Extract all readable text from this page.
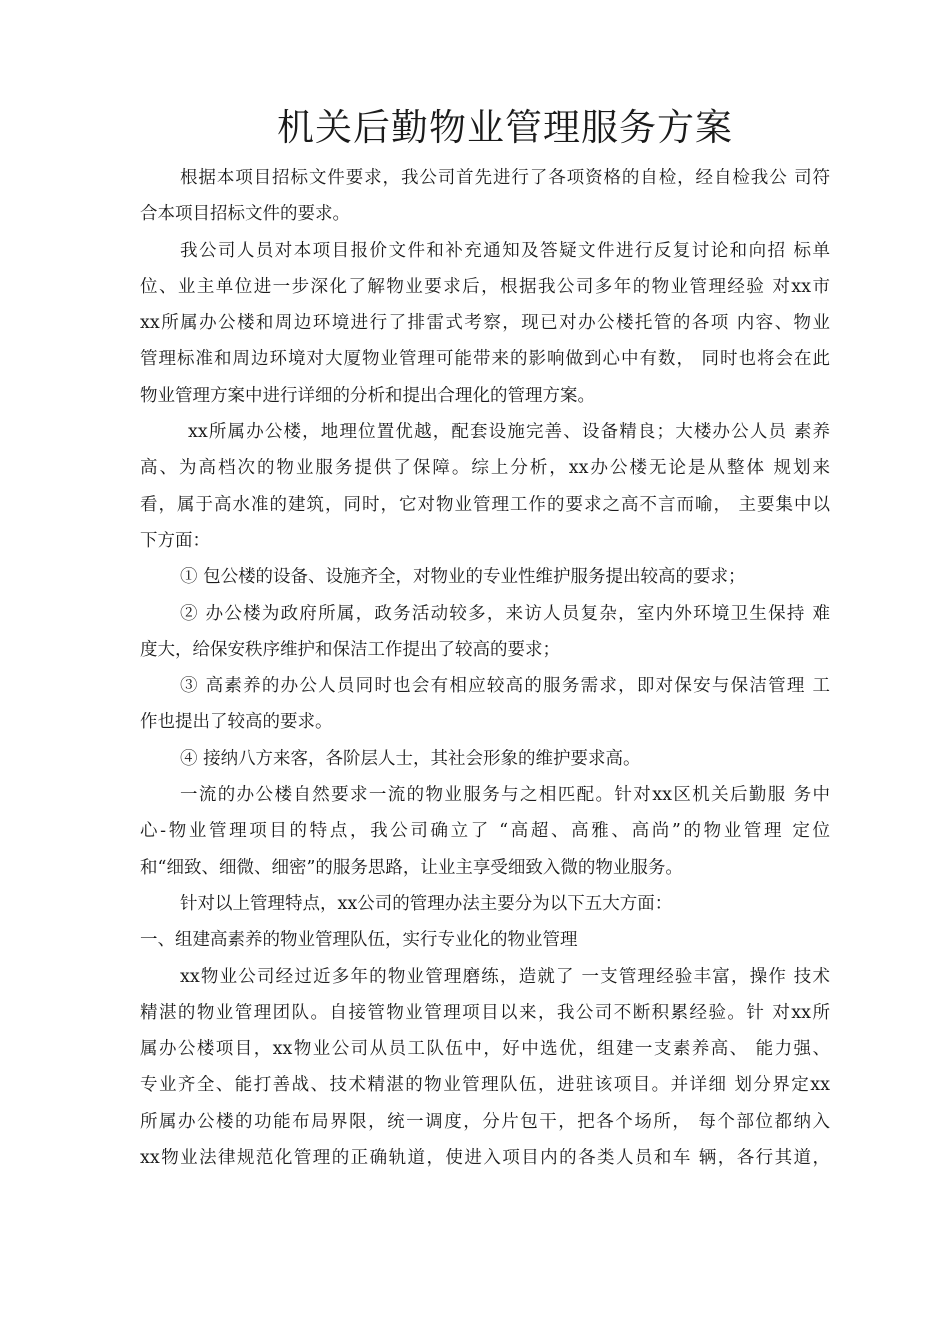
机关后勤物业管理服务方案
根据本项目招标文件要求，我公司首先进行了各项资格的自检，经自检我公 司符
合本项目招标文件的要求。
我公司人员对本项目报价文件和补充通知及答疑文件进行反复讨论和向招 标单
位、业主单位进一步深化了解物业要求后，根据我公司多年的物业管理经验 对xx市
xx所属办公楼和周边环境进行了排雷式考察，现已对办公楼托管的各项 内容、物业
管理标准和周边环境对大厦物业管理可能带来的影响做到心中有数， 同时也将会在此
物业管理方案中进行详细的分析和提出合理化的管理方案。
xx所属办公楼，地理位置优越，配套设施完善、设备精良；大楼办公人员 素养
高、为高档次的物业服务提供了保障。综上分析，xx办公楼无论是从整体 规划来
看，属于高水准的建筑，同时，它对物业管理工作的要求之高不言而喻， 主要集中以
下方面：
① 包公楼的设备、设施齐全，对物业的专业性维护服务提出较高的要求；
② 办公楼为政府所属，政务活动较多，来访人员复杂，室内外环境卫生保持 难
度大，给保安秩序维护和保洁工作提出了较高的要求；
③ 高素养的办公人员同时也会有相应较高的服务需求，即对保安与保洁管理 工
作也提出了较高的要求。
④ 接纳八方来客，各阶层人士，其社会形象的维护要求高。
一流的办公楼自然要求一流的物业服务与之相匹配。针对xx区机关后勤服 务中
心-物业管理项目的特点，我公司确立了 “高超、高雅、高尚”的物业管理 定位
和“细致、细微、细密”的服务思路，让业主享受细致入微的物业服务。
针对以上管理特点，xx公司的管理办法主要分为以下五大方面：
一、组建高素养的物业管理队伍，实行专业化的物业管理
xx物业公司经过近多年的物业管理磨练，造就了 一支管理经验丰富，操作 技术
精湛的物业管理团队。自接管物业管理项目以来，我公司不断积累经验。针 对xx所
属办公楼项目，xx物业公司从员工队伍中，好中选优，组建一支素养高、 能力强、
专业齐全、能打善战、技术精湛的物业管理队伍，进驻该项目。并详细 划分界定xx
所属办公楼的功能布局界限，统一调度，分片包干，把各个场所， 每个部位都纳入
xx物业法律规范化管理的正确轨道，使进入项目内的各类人员和车 辆，各行其道，
